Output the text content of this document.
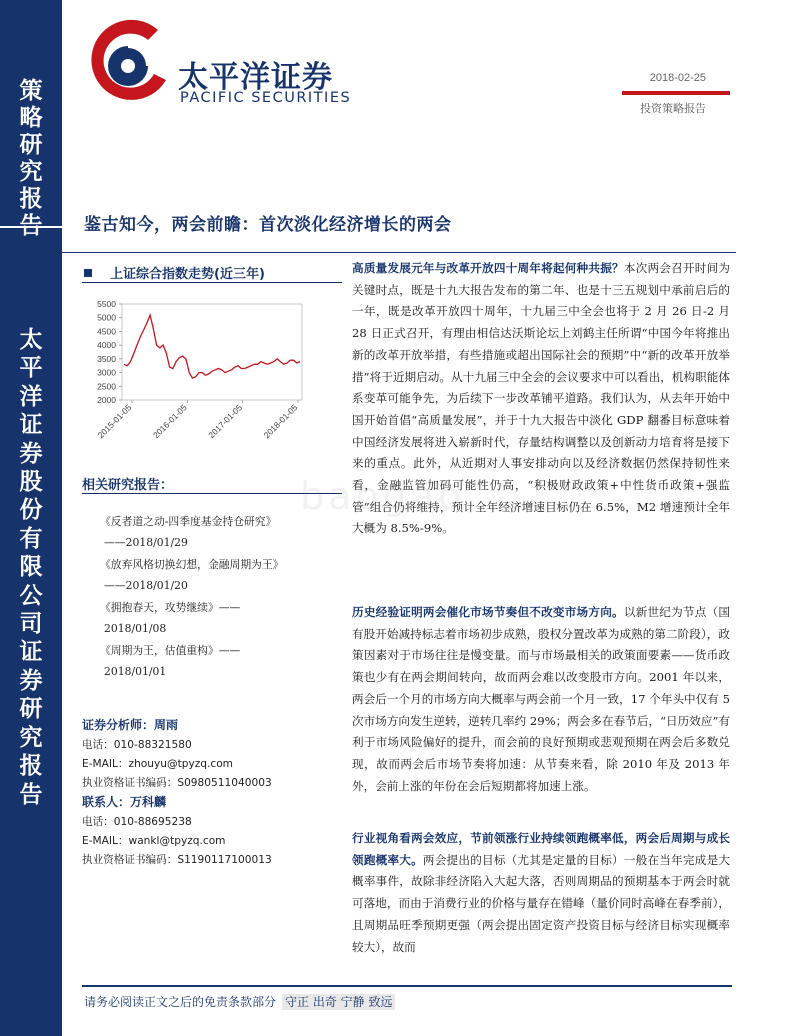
策
略
研
究
报
告
太
平
洋
证
券
股
份
有
限
公
司
证
券
研
究
报
告
太平洋证券
PACIFIC SECURITIES
2018-02-25
投资策略报告
鉴古知今，两会前瞻：首次淡化经济增长的两会
上证综合指数走势(近三年)
5500
5000
4500
4000
3500
3000
2500
2000
2015-01-05 2016-01-05 2017-01-05 2018-01-05
相关研究报告：
《反者道之动-四季度基金持仓研究》
——2018/01/29
《放弃风格切换幻想，金融周期为王》
——2018/01/20
《拥抱春天，攻势继续》——
2018/01/08
《周期为王，估值重构》——
2018/01/01
证券分析师：周雨
电话：010-88321580
E-MAIL：zhouyu@tpyzq.com
执业资格证书编码：S0980511040003
联系人：万科麟
电话：010-88695238
E-MAIL：wankl@tpyzq.com
执业资格证书编码：S1190117100013
baogao

高质量发展元年与改革开放四十周年将起何种共振？本次两会召开时间为关键时点，既是十九大报告发布的第二年、也是十三五规划中承前启后的一年，既是改革开放四十周年，十九届三中全会也将于 2 月 26 日-2 月 28 日正式召开，有理由相信达沃斯论坛上刘鹤主任所谓“中国今年将推出新的改革开放举措，有些措施或超出国际社会的预期”中“新的改革开放举措”将于近期启动。从十九届三中全会的会议要求中可以看出，机构职能体系变革可能争先，为后续下一步改革铺平道路。我们认为，从去年开始中国开始首倡“高质量发展”，并于十九大报告中淡化 GDP 翻番目标意味着中国经济发展将进入崭新时代，存量结构调整以及创新动力培育将是接下来的重点。此外，从近期对人事安排动向以及经济数据仍然保持韧性来看，金融监管加码可能性仍高，“积极财政政策+中性货币政策+强监管”组合仍将维持，预计全年经济增速目标仍在 6.5%，M2 增速预计全年大概为 8.5%-9%。

历史经验证明两会催化市场节奏但不改变市场方向。以新世纪为节点（国有股开始减持标志着市场初步成熟，股权分置改革为成熟的第二阶段），政策因素对于市场往往是慢变量。而与市场最相关的政策面要素——货币政策也少有在两会期间转向，故而两会难以改变股市方向。2001 年以来，两会后一个月的市场方向大概率与两会前一个月一致，17 个年头中仅有 5 次市场方向发生逆转，逆转几率约 29%；两会多在春节后，“日历效应”有利于市场风险偏好的提升，而会前的良好预期或悲观预期在两会后多数兑现，故而两会后市场节奏将加速：从节奏来看，除 2010 年及 2013 年外，会前上涨的年份在会后短期都将加速上涨。

行业视角看两会效应，节前领涨行业持续领跑概率低，两会后周期与成长领跑概率大。两会提出的目标（尤其是定量的目标）一般在当年完成是大概率事件，故除非经济陷入大起大落，否则周期品的预期基本于两会时就可落地，而由于消费行业的价格与量存在错峰（量价同时高峰在春季前），且周期品旺季预期更强（两会提出固定资产投资目标与经济目标实现概率较大），故而

请务必阅读正文之后的免责条款部分 守正 出奇 宁静 致远
